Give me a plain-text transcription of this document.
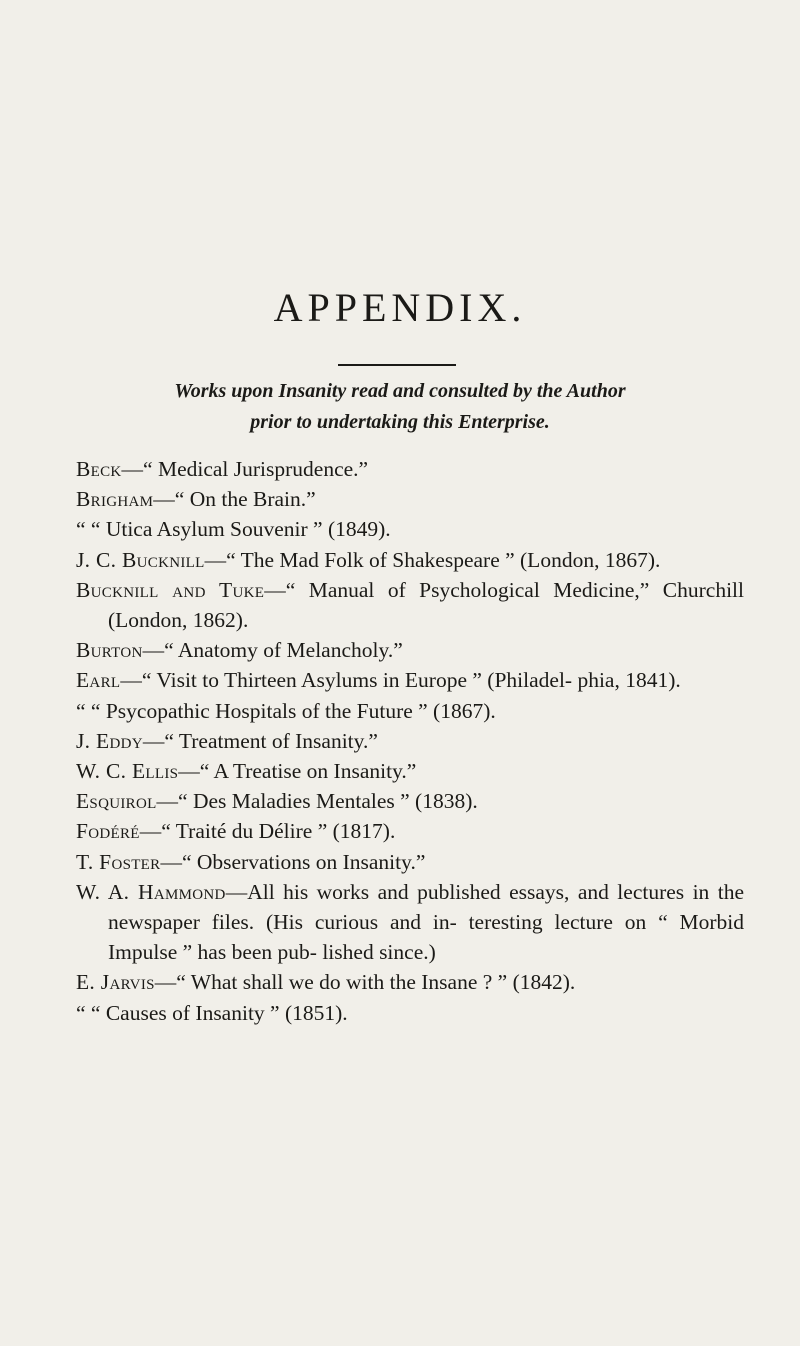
APPENDIX.
Works upon Insanity read and consulted by the Author
prior to undertaking this Enterprise.
Beck—“ Medical Jurisprudence.”
Brigham—“ On the Brain.”
“ “ Utica Asylum Souvenir ” (1849).
J. C. Bucknill—“ The Mad Folk of Shakespeare ” (London, 1867).
Bucknill and Tuke—“ Manual of Psychological Medicine,” Churchill (London, 1862).
Burton—“ Anatomy of Melancholy.”
Earl—“ Visit to Thirteen Asylums in Europe ” (Philadel- phia, 1841).
“ “ Psycopathic Hospitals of the Future ” (1867).
J. Eddy—“ Treatment of Insanity.”
W. C. Ellis—“ A Treatise on Insanity.”
Esquirol—“ Des Maladies Mentales ” (1838).
Fodéré—“ Traité du Délire ” (1817).
T. Foster—“ Observations on Insanity.”
W. A. Hammond—All his works and published essays, and lectures in the newspaper files. (His curious and in- teresting lecture on “ Morbid Impulse ” has been pub- lished since.)
E. Jarvis—“ What shall we do with the Insane ? ” (1842).
“ “ Causes of Insanity ” (1851).
